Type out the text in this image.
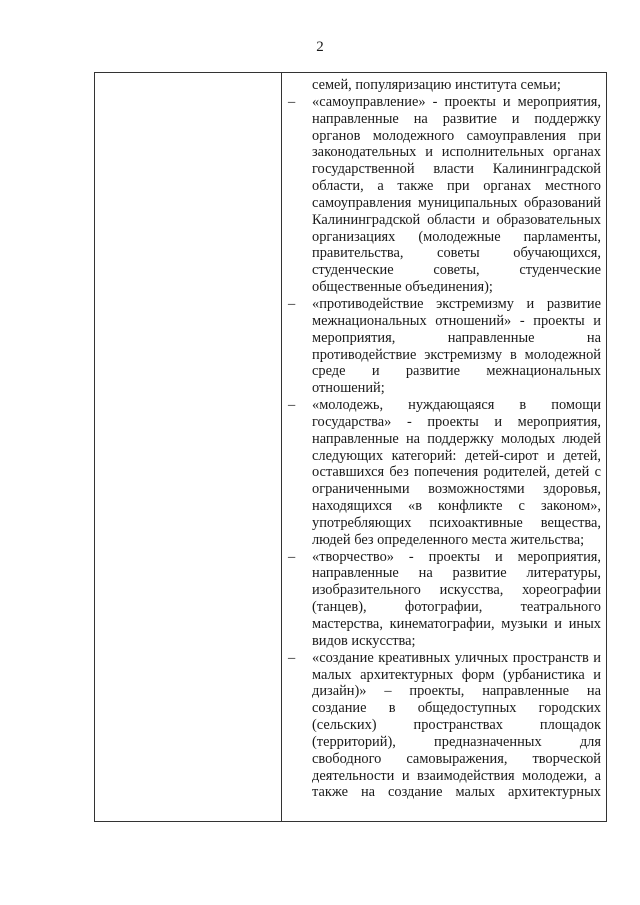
2

семей, популяризацию института семьи;

– «самоуправление» - проекты и мероприятия, направленные на развитие и поддержку органов молодежного самоуправления при законодательных и исполнительных органах государственной власти Калининградской области, а также при органах местного самоуправления муниципальных образований Калининградской области и образовательных организациях (молодежные парламенты, правительства, советы обучающихся, студенческие советы, студенческие общественные объединения);

– «противодействие экстремизму и развитие межнациональных отношений» - проекты и мероприятия, направленные на противодействие экстремизму в молодежной среде и развитие межнациональных отношений;

– «молодежь, нуждающаяся в помощи государства» - проекты и мероприятия, направленные на поддержку молодых людей следующих категорий: детей-сирот и детей, оставшихся без попечения родителей, детей с ограниченными возможностями здоровья, находящихся «в конфликте с законом», употребляющих психоактивные вещества, людей без определенного места жительства;

– «творчество» - проекты и мероприятия, направленные на развитие литературы, изобразительного искусства, хореографии (танцев), фотографии, театрального мастерства, кинематографии, музыки и иных видов искусства;

– «создание креативных уличных пространств и малых архитектурных форм (урбанистика и дизайн)» – проекты, направленные на создание в общедоступных городских (сельских) пространствах площадок (территорий), предназначенных для свободного самовыражения, творческой деятельности и взаимодействия молодежи, а также на создание малых архитектурных
